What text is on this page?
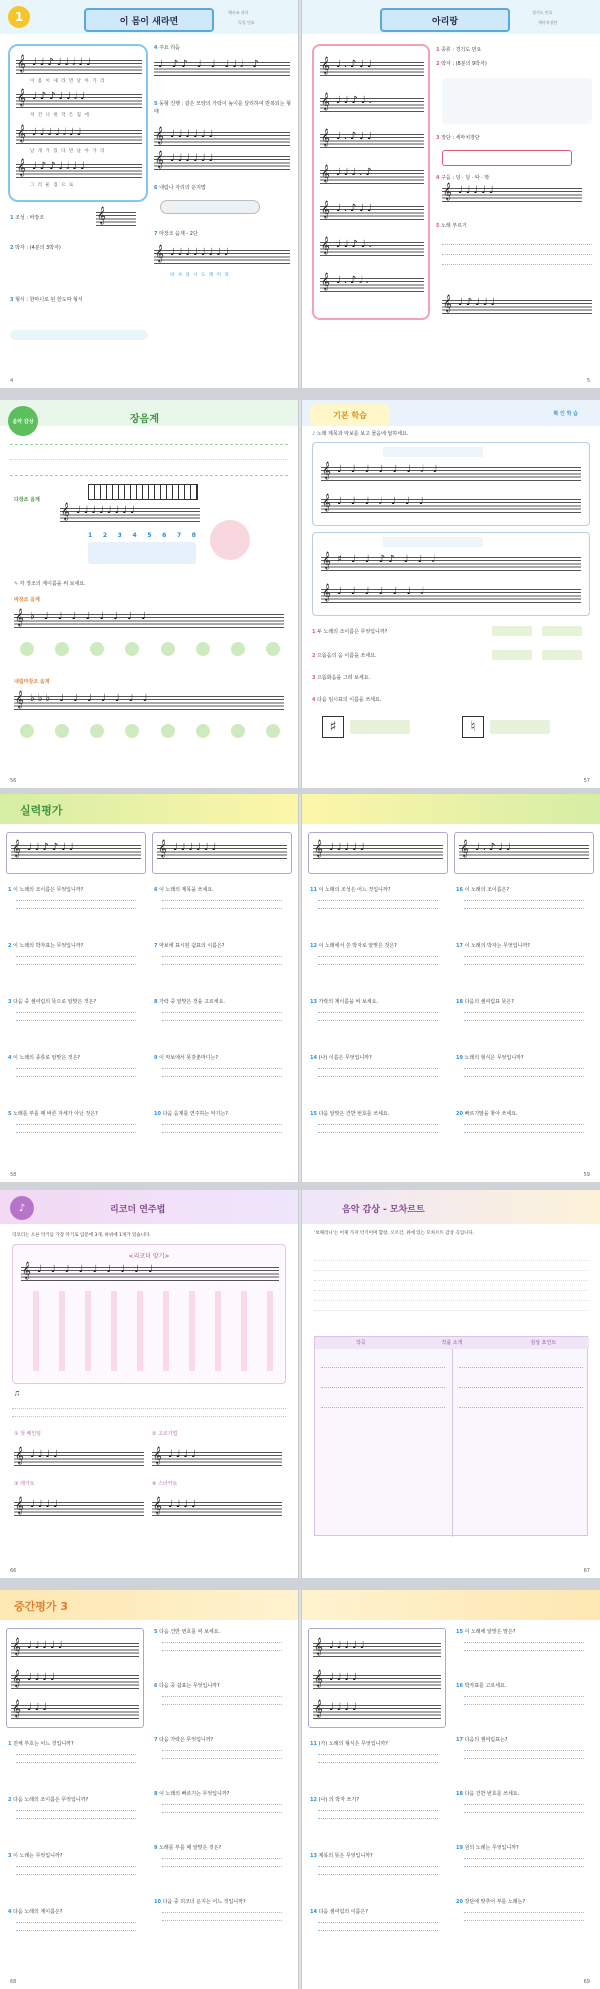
1	이 몸이 새라면
채사조 작사
독일 민요
𝄞 ♩♩♪♩♩𝅗𝅥♩♩
이 몸 이 새 라 면 날 아 가 리
𝄞 ♩♪♪♩♩𝅗𝅥♩
저 건 너 편 작 은 집 에
𝄞 ♩♩♩♩𝅗𝅥♩♩
날 개 가 있 다 면 날 아 가 리
𝄞 ♩♪♪♩𝅗𝅥♩♩
그 리 운 집 으 로
1 조성 : 바장조	𝄞
2 박자 : (4분의 3박자)
3 형식 : 한마디로 된 한도막 형식
4 주요 리듬
♩ ♪♪ ♩ ♩ ♩♩𝅗𝅥 ♪
5 동형 진행 : 같은 모양의 가락이 높이를 달리하여 반복되는 형태
𝄞 ♩♩♩♩♩♩
𝄞 ♩♩♩♩♩♩
6 내림나 자리의 운지법
7 마장조 음계 - 2단
𝄞 ♩♩♩♩♩♩♩♩
바 사 라 시 도 레 미 파
4
아리랑
경기도 민요
세마치장단
𝄞 ♩.♪♩♩
𝄞 ♩♩♪♩.
𝄞 ♩.♪♩♩
𝄞 ♩♩♩.♪
𝄞 ♩.♪♩♩
𝄞 ♩♩♪♩.
𝄞 ♩.♪𝅗𝅥.
1 종류 : 경기도 민요
2 박자 : (8분의 9박자)
3 장단 : 세마치장단
4 구음 : 덩 · 덩 · 따 · 딱
𝄞 ♩♩♩♩♩
5 노래 부르기
𝄞 ♩♪♩♩♩
5
음악 감상	장음계
다장조 음계
𝄞 ♩♩♩♩♩♩♩♩
1 2 3 4 5 6 7 8
✎ 각 장조의 계이름을 써 보세요.
바장조 음계
𝄞 ♭ ♩ ♩ ♩ ♩ ♩ ♩ ♩ ♩
내림마장조 음계
𝄞 ♭♭♭ ♩ ♩ ♩ ♩ ♩ ♩ ♩
56
기본 학습	확 인 학 습
♪ 노래 제목과 악보를 보고 물음에 답하세요.
𝄞 ♩ ♩ ♩ ♩ ♩ ♩ 𝅗𝅥 ♩
𝄞 ♩ ♩ ♩ 𝅗𝅥 ♩ ♩ ♩
𝄞 ♯ ♩ ♩ ♪♪ ♩ ♩ 𝅗𝅥
𝄞 ♩ ♩ ♩ ♩ ♩ ♩ 𝅗𝅥
1 두 노래의 조이름은 무엇입니까?
2 으뜸음의 음 이름을 쓰세요.
3 으뜸화음을 그려 보세요.
4 다음 임시표의 이름을 쓰세요.
♯	♮
57
실력평가
𝄞 ♩♩♪♪♩♩	𝄞 ♩♩♩♩♩♩
58
1 이 노래의 조이름은 무엇입니까?
2 이 노래의 박자표는 무엇입니까?
3 다음 중 셈여림의 뜻으로 알맞은 것은?
4 이 노래의 종류로 알맞은 것은?
5 노래를 부를 때 바른 자세가 아닌 것은?
6 이 노래의 제목을 쓰세요.
7 악보에 표시된 쉼표의 이름은?
8 가락 중 알맞은 것을 고르세요.
9 이 악보에서 못갖춘마디는?
10 다음 음계를 연주하는 악기는?
𝄞 ♩♩♩♩♩	𝄞 ♩.♪♩♩
59
11 이 노래의 조성은 어느 것입니까?
12 이 노래에서 쓴 박자로 알맞은 것은?
13 가락의 계이름을 써 보세요.
14 (나) 이름은 무엇입니까?
15 다음 알맞은 건반 번호를 쓰세요.
16 이 노래의 조이름은?
17 이 노래의 박자는 무엇입니까?
18 다음의 셈여림표 뜻은?
19 노래의 형식은 무엇입니까?
20 빠르기말을 찾아 쓰세요.
♪	리코더 연주법
리코더는 오른 악기를 가장 악기로 입문에 3개, 하위에 1개가 있습니다.
<리코더 맞기>
𝄞 ♩ ♩ ♩ ♩ ♩ ♩ ♩ ♩ ♩
🎵
① 첫 페인팅	② 고르기법
𝄞 ♩♩♩♩	𝄞 ♩♩♩♩
③ 레가토	④ 스타카토
𝄞 ♩♩♩♩	𝄞 ♩♩♩♩
66
음악 감상 - 모차르트
'보체리니'는 어제 가지 악기이며 합창, 오르간, 위에 있는 모차르트 감상 곡입니다.
작곡	작품 소개	감상 포인트
67
중간평가 3
𝄞 ♩♩♩♩♩
𝄞 ♩♩♩♩
𝄞 ♩♩♩
68
1 전체 부호는 어느 것입니까?
2 다음 노래의 조이름은 무엇입니까?
3 이 노래는 무엇입니까?
4 다음 노래의 계이름은?
5 다음 건반 번호를 써 보세요.
6 다음 중 쉼표는 무엇입니까?
7 다음 가락은 무엇입니까?
8 이 노래의 빠르기는 무엇입니까?
9 노래를 부를 때 알맞은 것은?
10 다음 중 리코더 운지는 어느 것입니까?
𝄞 ♩♩♩♩♩
𝄞 ♩♩♩♩
𝄞 ♩♩♩♩
69
11 (가) 노래의 형식은 무엇입니까?
12 (나) 의 박자 쓰기?
13 제목의 뜻은 무엇입니까?
14 다음 셈여림의 이름은?
15 이 노래에 알맞은 말은?
16 박자표를 고르세요.
17 다음의 셈여림표는?
18 다음 건반 번호를 쓰세요.
19 원의 노래는 무엇입니까?
20 장단에 맞추어 부를 노래는?
